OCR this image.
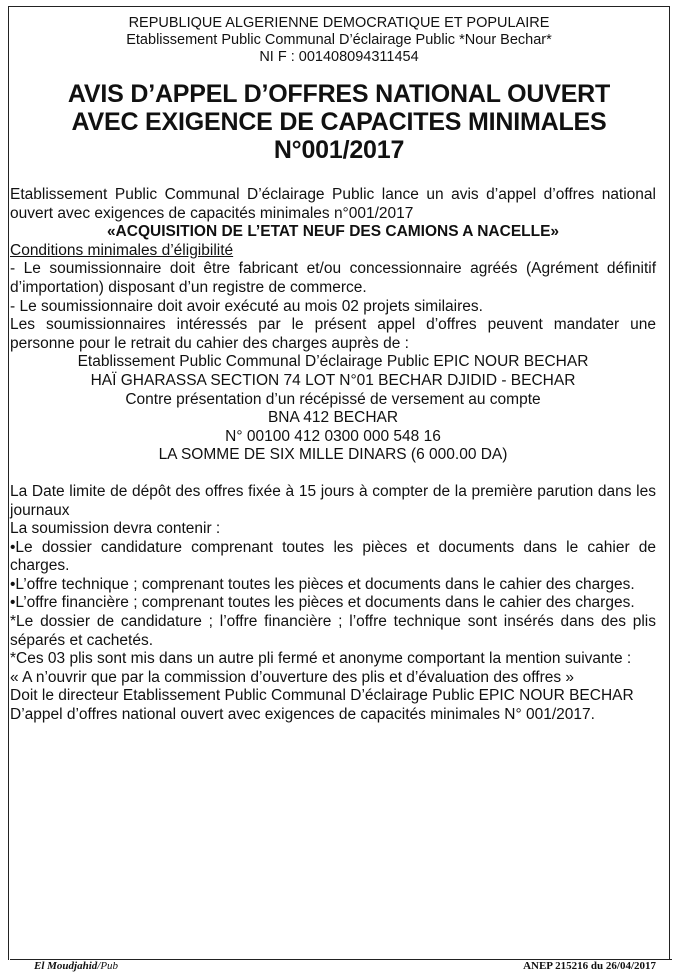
REPUBLIQUE ALGERIENNE DEMOCRATIQUE ET POPULAIRE
Etablissement Public Communal D’éclairage Public *Nour Bechar*
NI F : 001408094311454
AVIS D’APPEL D’OFFRES NATIONAL OUVERT
AVEC EXIGENCE DE CAPACITES MINIMALES
N°001/2017
Etablissement Public Communal D’éclairage Public lance un avis d’appel d’offres national ouvert avec exigences de capacités minimales n°001/2017
«ACQUISITION DE L’ETAT NEUF DES CAMIONS A NACELLE»
Conditions minimales d’éligibilité
- Le soumissionnaire doit être fabricant et/ou concessionnaire agréés (Agrément définitif d’importation) disposant d’un registre de commerce.
- Le soumissionnaire doit avoir exécuté au mois 02 projets similaires.
Les soumissionnaires intéressés par le présent appel d’offres peuvent mandater une personne pour le retrait du cahier des charges auprès de :
Etablissement Public Communal D’éclairage Public EPIC NOUR BECHAR
HAÏ GHARASSA SECTION 74 LOT N°01 BECHAR DJIDID - BECHAR
Contre présentation d’un récépissé de versement au compte
BNA 412 BECHAR
N° 00100 412 0300 000 548 16
LA SOMME DE SIX MILLE DINARS (6 000.00 DA)
La Date limite de dépôt des offres fixée à 15 jours à compter de la première parution dans les journaux
La soumission devra contenir :
•Le dossier candidature comprenant toutes les pièces et documents dans le cahier de charges.
•L’offre technique ; comprenant toutes les pièces et documents dans le cahier des charges.
•L’offre financière ; comprenant toutes les pièces et documents dans le cahier des charges.
*Le dossier de candidature ; l’offre financière ; l’offre technique sont insérés dans des plis séparés et cachetés.
*Ces 03 plis sont mis dans un autre pli fermé et anonyme comportant la mention suivante :
« A n’ouvrir que par la commission d’ouverture des plis et d’évaluation des offres »
Doit le directeur Etablissement Public Communal D’éclairage Public EPIC NOUR BECHAR
D’appel d’offres national ouvert avec exigences de capacités minimales N° 001/2017.
El Moudjahid/Pub	ANEP 215216 du 26/04/2017
